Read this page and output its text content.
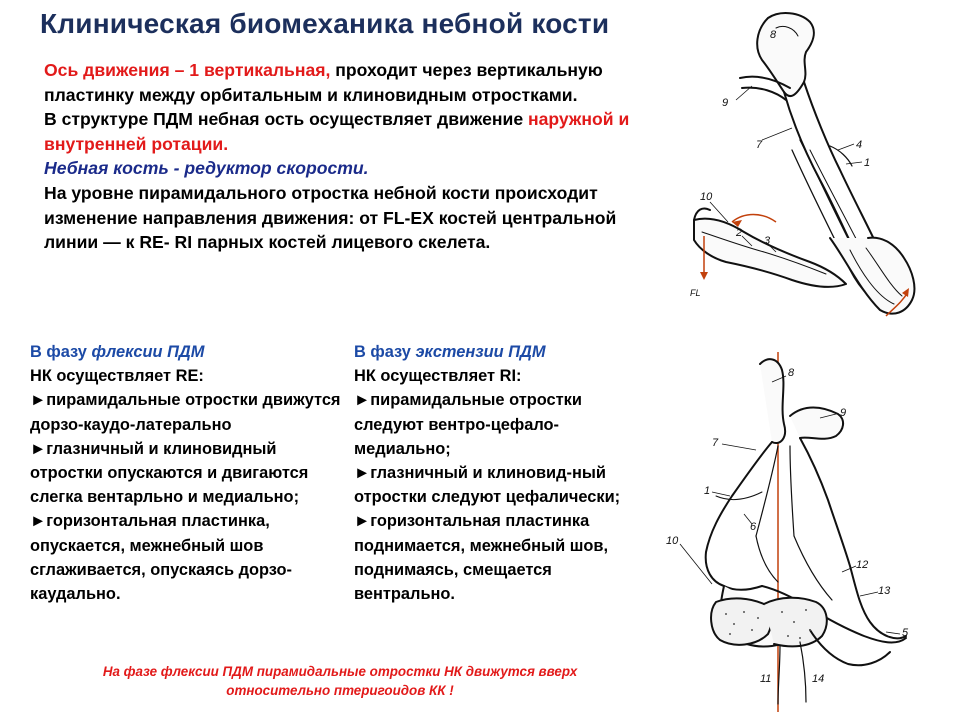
Клиническая биомеханика небной кости

Ось движения – 1 вертикальная, проходит через вертикальную пластинку между орбитальным и клиновидным отростками.

В структуре ПДМ небная ость осуществляет движение наружной и внутренней ротации.

Небная кость - редуктор скорости.

На уровне пирамидального отростка небной кости происходит изменение направления движения: от FL-EX костей центральной линии — к RE- RI парных костей лицевого скелета.

В фазу флексии ПДМ

НК осуществляет RE:

►пирамидальные отростки движутся дорзо-каудо-латерально

►глазничный и клиновидный отростки опускаются и двигаются слегка вентарльно и медиально;

►горизонтальная пластинка, опускается, межнебный шов сглаживается, опускаясь дорзо-каудально.

В фазу экстензии ПДМ

НК осуществляет RI:

►пирамидальные отростки следуют вентро-цефало-медиально;

►глазничный и клиновид-ный отростки следуют цефалически;

►горизонтальная пластинка поднимается, межнебный шов, поднимаясь, смещается вентрально.

На фазе флексии ПДМ пирамидальные отростки НК движутся вверх
относительно птеригоидов КК !
8
9
7	4
1
10
2
3
FL
8
9
7
1
6
10
12
13
5
11	14
